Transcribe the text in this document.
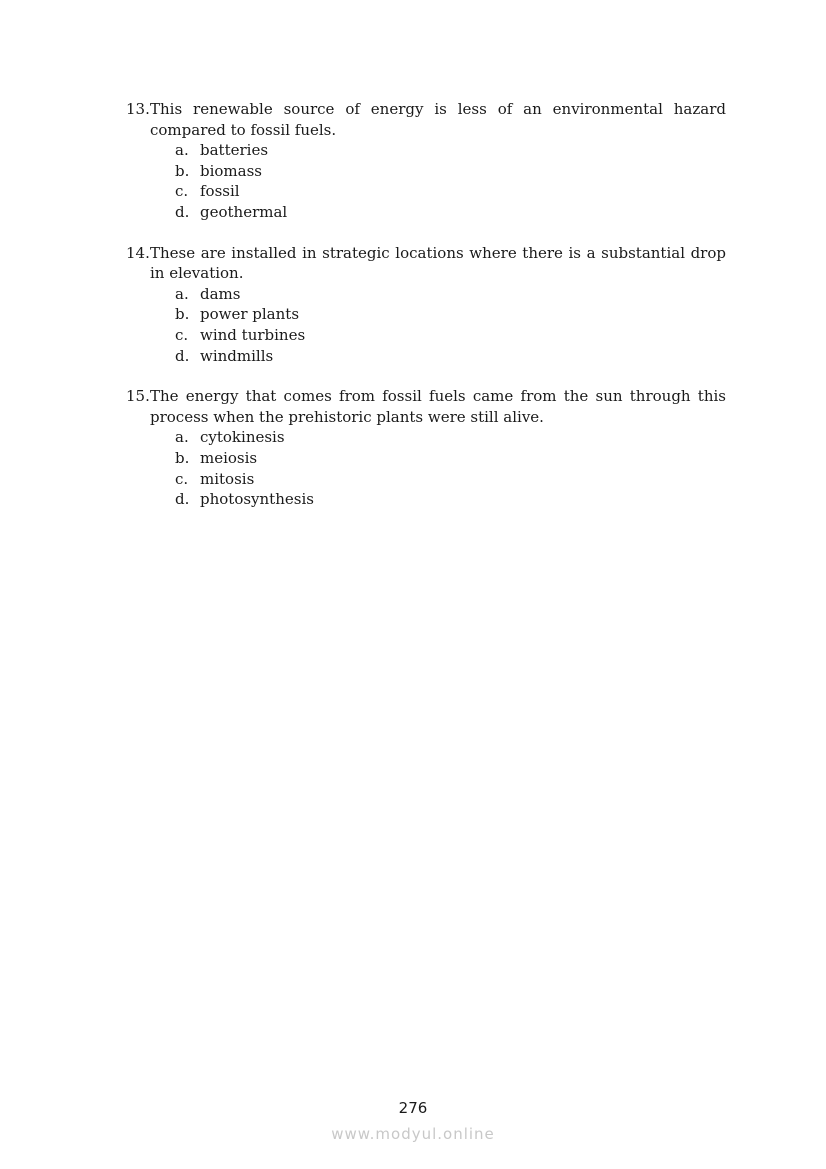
13.This renewable source of energy is less of an environmental hazard compared to fossil fuels.

a. batteries
b. biomass
c. fossil
d. geothermal

14.These are installed in strategic locations where there is a substantial drop in elevation.

a. dams
b. power plants
c. wind turbines
d. windmills

15.The energy that comes from fossil fuels came from the sun through this process when the prehistoric plants were still alive.

a. cytokinesis
b. meiosis
c. mitosis
d. photosynthesis
276
www.modyul.online
